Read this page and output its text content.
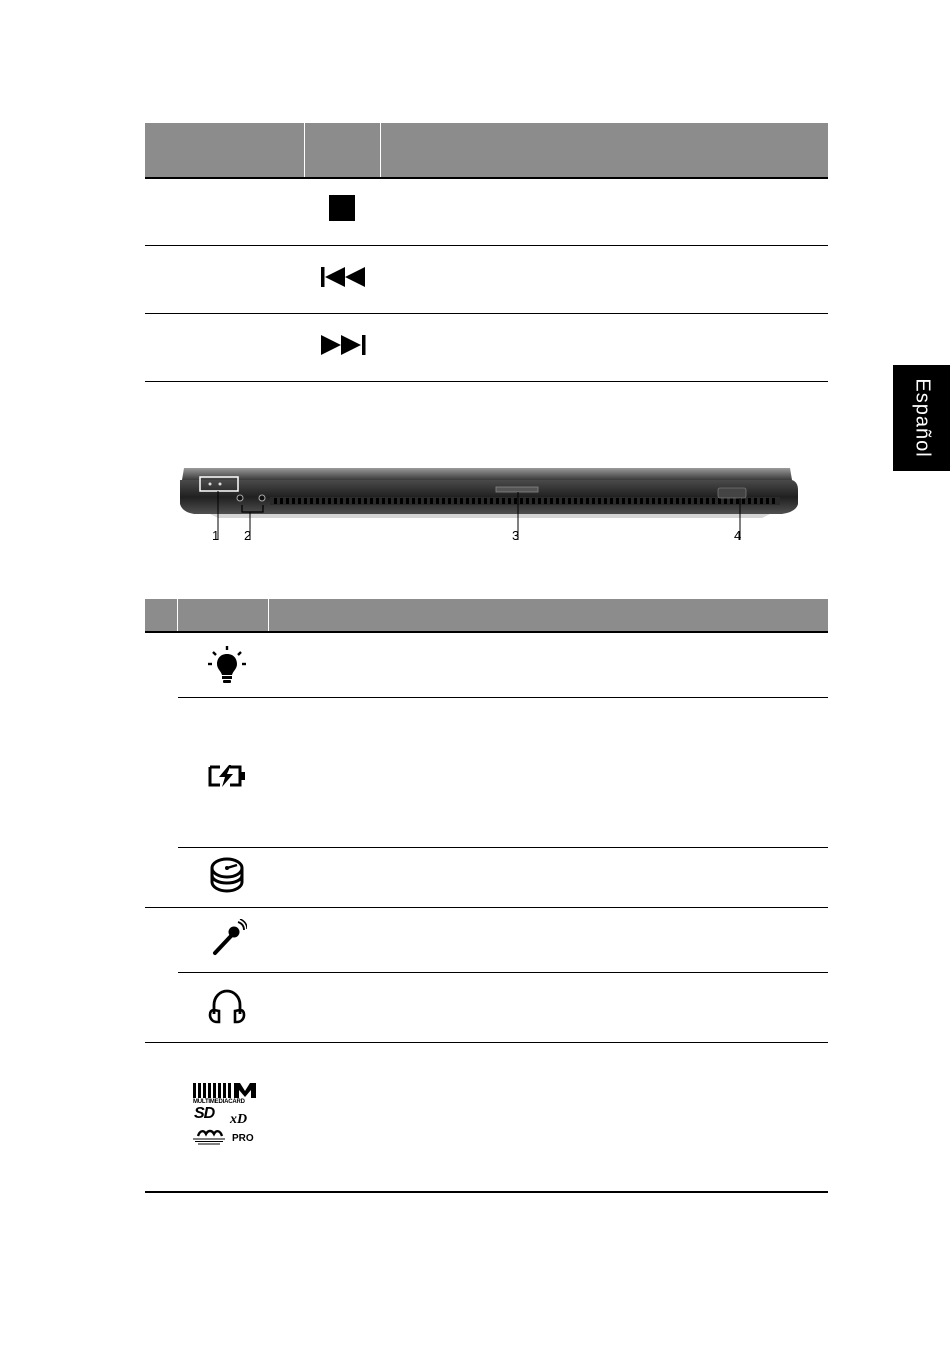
Español
1 2	3	4
MULTIMEDIACARD
SD xD
PRO
